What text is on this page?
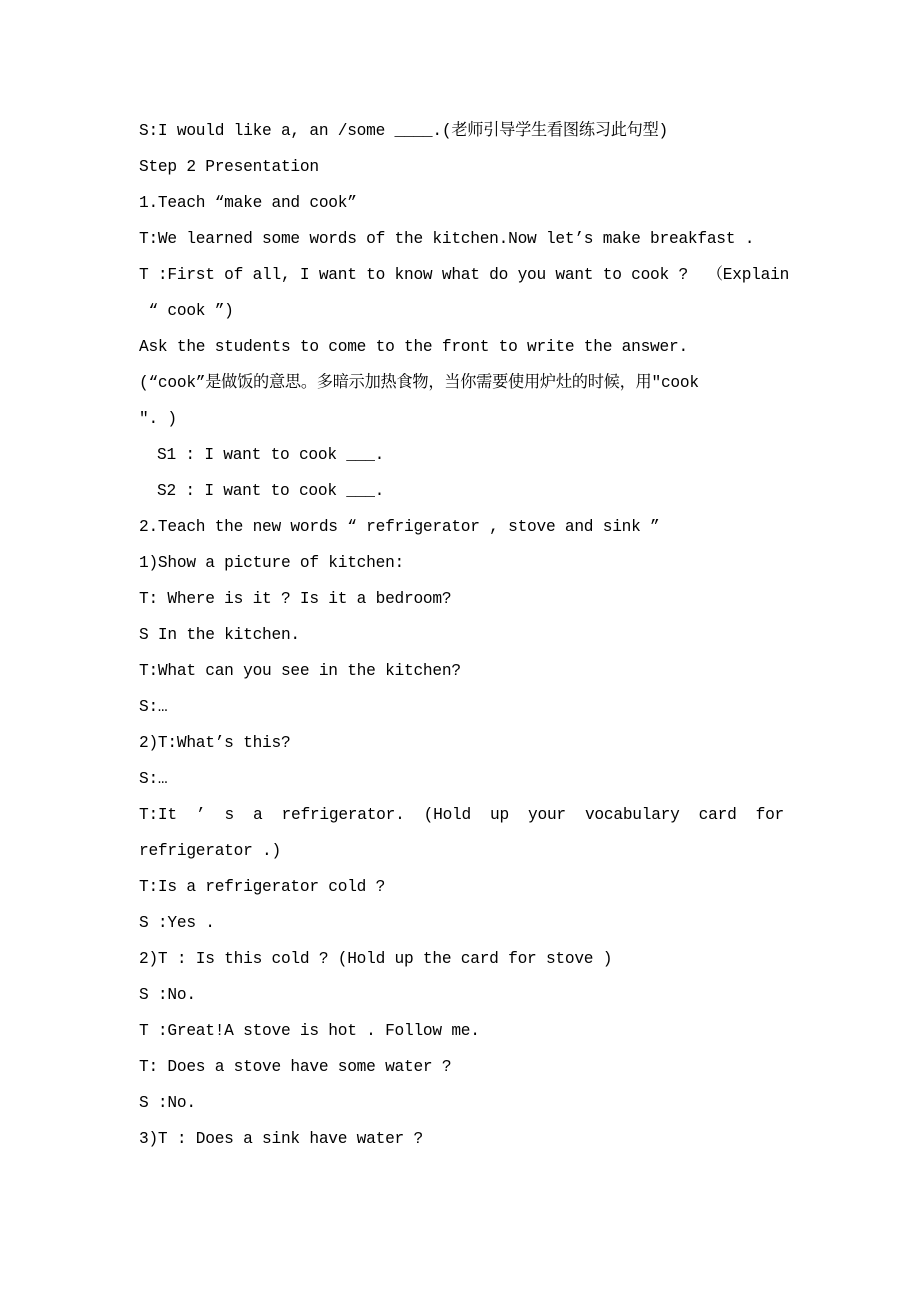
S:I would like a, an /some ____.(老师引导学生看图练习此句型)
Step 2 Presentation
1.Teach “make and cook”
T:We learned some words of the kitchen.Now let’s make breakfast .
T :First of all, I want to know what do you want to cook ?  （Explain
“ cook ”)
Ask the students to come to the front to write the answer.
(“cook”是做饭的意思。多暗示加热食物，当你需要使用炉灶的时候，用"cook
″. )
S1 : I want to cook ___.
S2 : I want to cook ___.
2.Teach the new words “ refrigerator , stove and sink ”
1)Show a picture of kitchen:
T: Where is it ? Is it a bedroom?
S In the kitchen.
T:What can you see in the kitchen?
S:…
2)T:What’s this?
S:…
T:It ’ s a refrigerator. (Hold up your vocabulary card for
refrigerator .)
T:Is a refrigerator cold ?
S :Yes .
2)T : Is this cold ? (Hold up the card for stove )
S :No.
T :Great!A stove is hot . Follow me.
T: Does a stove have some water ?
S :No.
3)T : Does a sink have water ?
